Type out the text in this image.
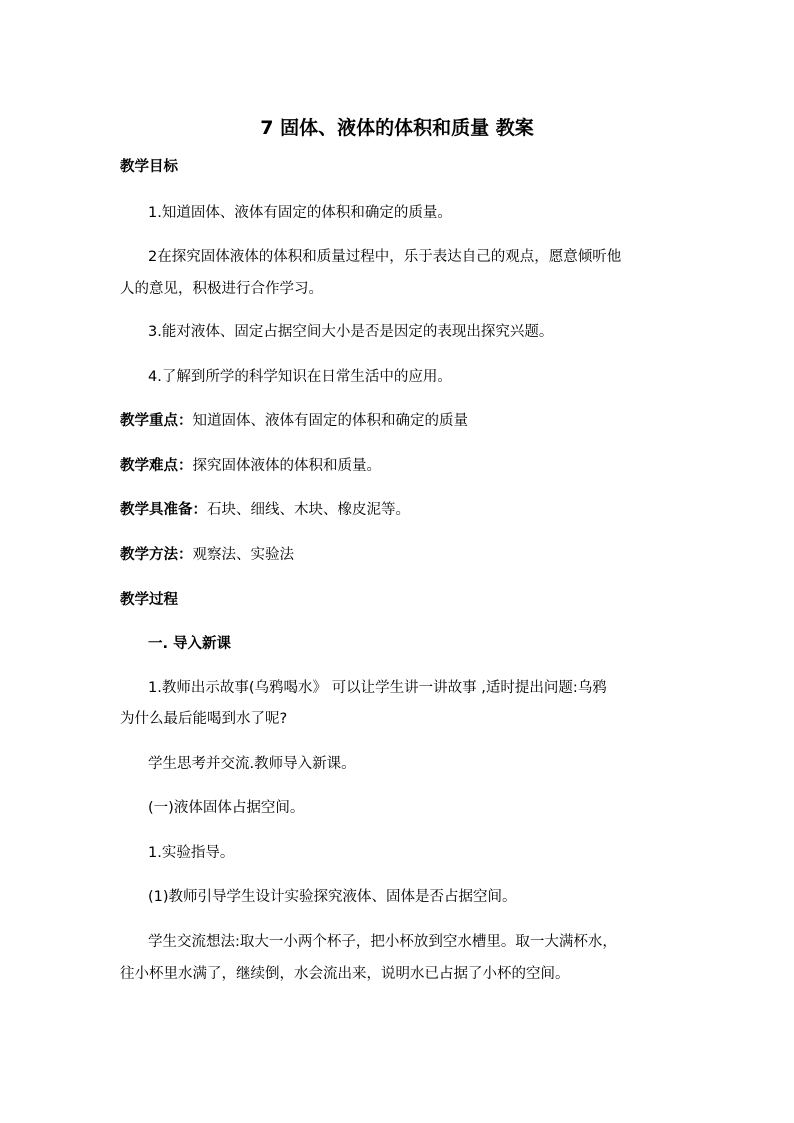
7 固体、液体的体积和质量 教案
教学目标
1.知道固体、液体有固定的体积和确定的质量。
2在探究固体液体的体积和质量过程中，乐于表达自己的观点，愿意倾听他
人的意见，积极进行合作学习。
3.能对液体、固定占据空间大小是否是因定的表现出探究兴题。
4.了解到所学的科学知识在日常生活中的应用。
教学重点：知道固体、液体有固定的体积和确定的质量
教学难点：探究固体液体的体积和质量。
教学具准备：石块、细线、木块、橡皮泥等。
教学方法：观察法、实验法
教学过程
一. 导入新课
1.教师出示故事(乌鸦喝水》 可以让学生讲一讲故事 ,适时提出问题:乌鸦
为什么最后能喝到水了呢?
学生思考并交流.教师导入新课。
(一)液体固体占据空间。
1.实验指导。
(1)教师引导学生设计实验探究液体、固体是否占据空间。
学生交流想法:取大一小两个杯子，把小杯放到空水槽里。取一大满杯水，
往小杯里水满了，继续倒，水会流出来，说明水已占据了小杯的空间。
